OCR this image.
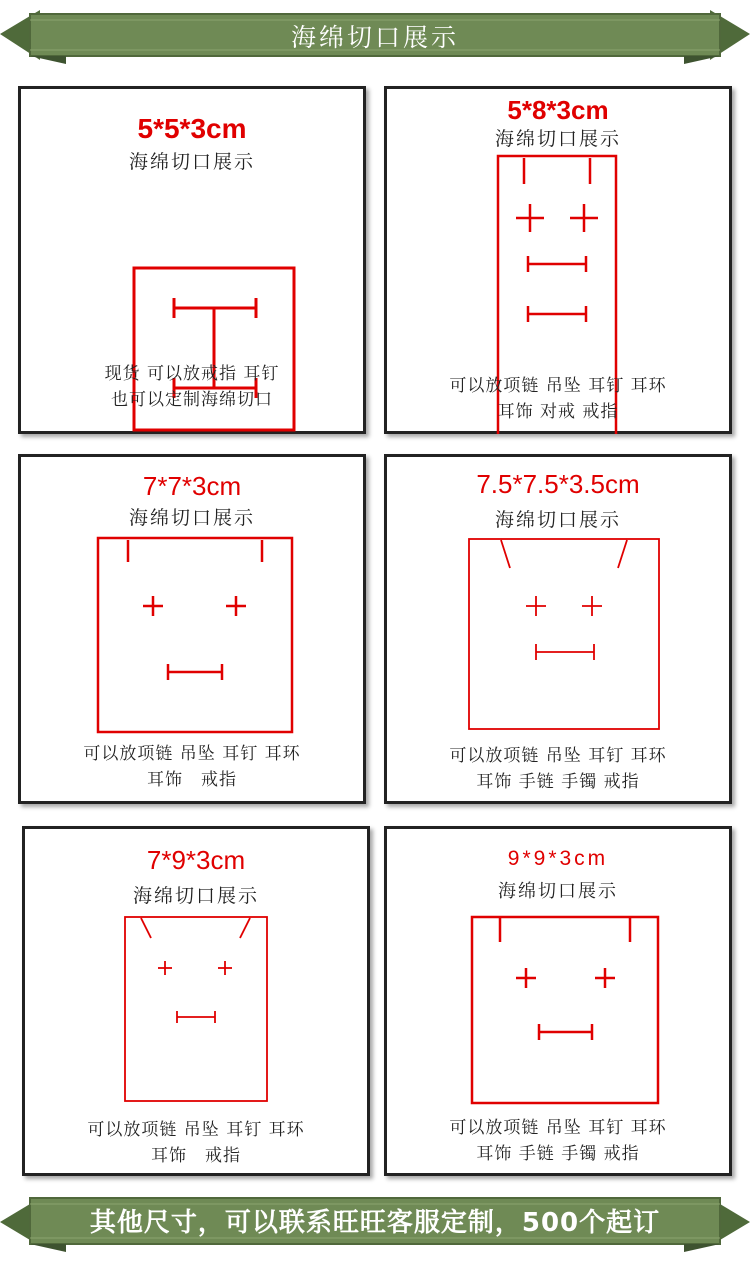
海绵切口展示
5*5*3cm
海绵切口展示
现货 可以放戒指 耳钉
也可以定制海绵切口
5*8*3cm
海绵切口展示
可以放项链 吊坠 耳钉 耳环
耳饰 对戒 戒指
7*7*3cm
海绵切口展示
可以放项链 吊坠 耳钉 耳环
耳饰　戒指
7.5*7.5*3.5cm
海绵切口展示
可以放项链 吊坠 耳钉 耳环
耳饰 手链 手镯 戒指
7*9*3cm
海绵切口展示
可以放项链 吊坠 耳钉 耳环
耳饰　戒指
9*9*3cm
海绵切口展示
可以放项链 吊坠 耳钉 耳环
耳饰 手链 手镯 戒指
其他尺寸，可以联系旺旺客服定制，500个起订
